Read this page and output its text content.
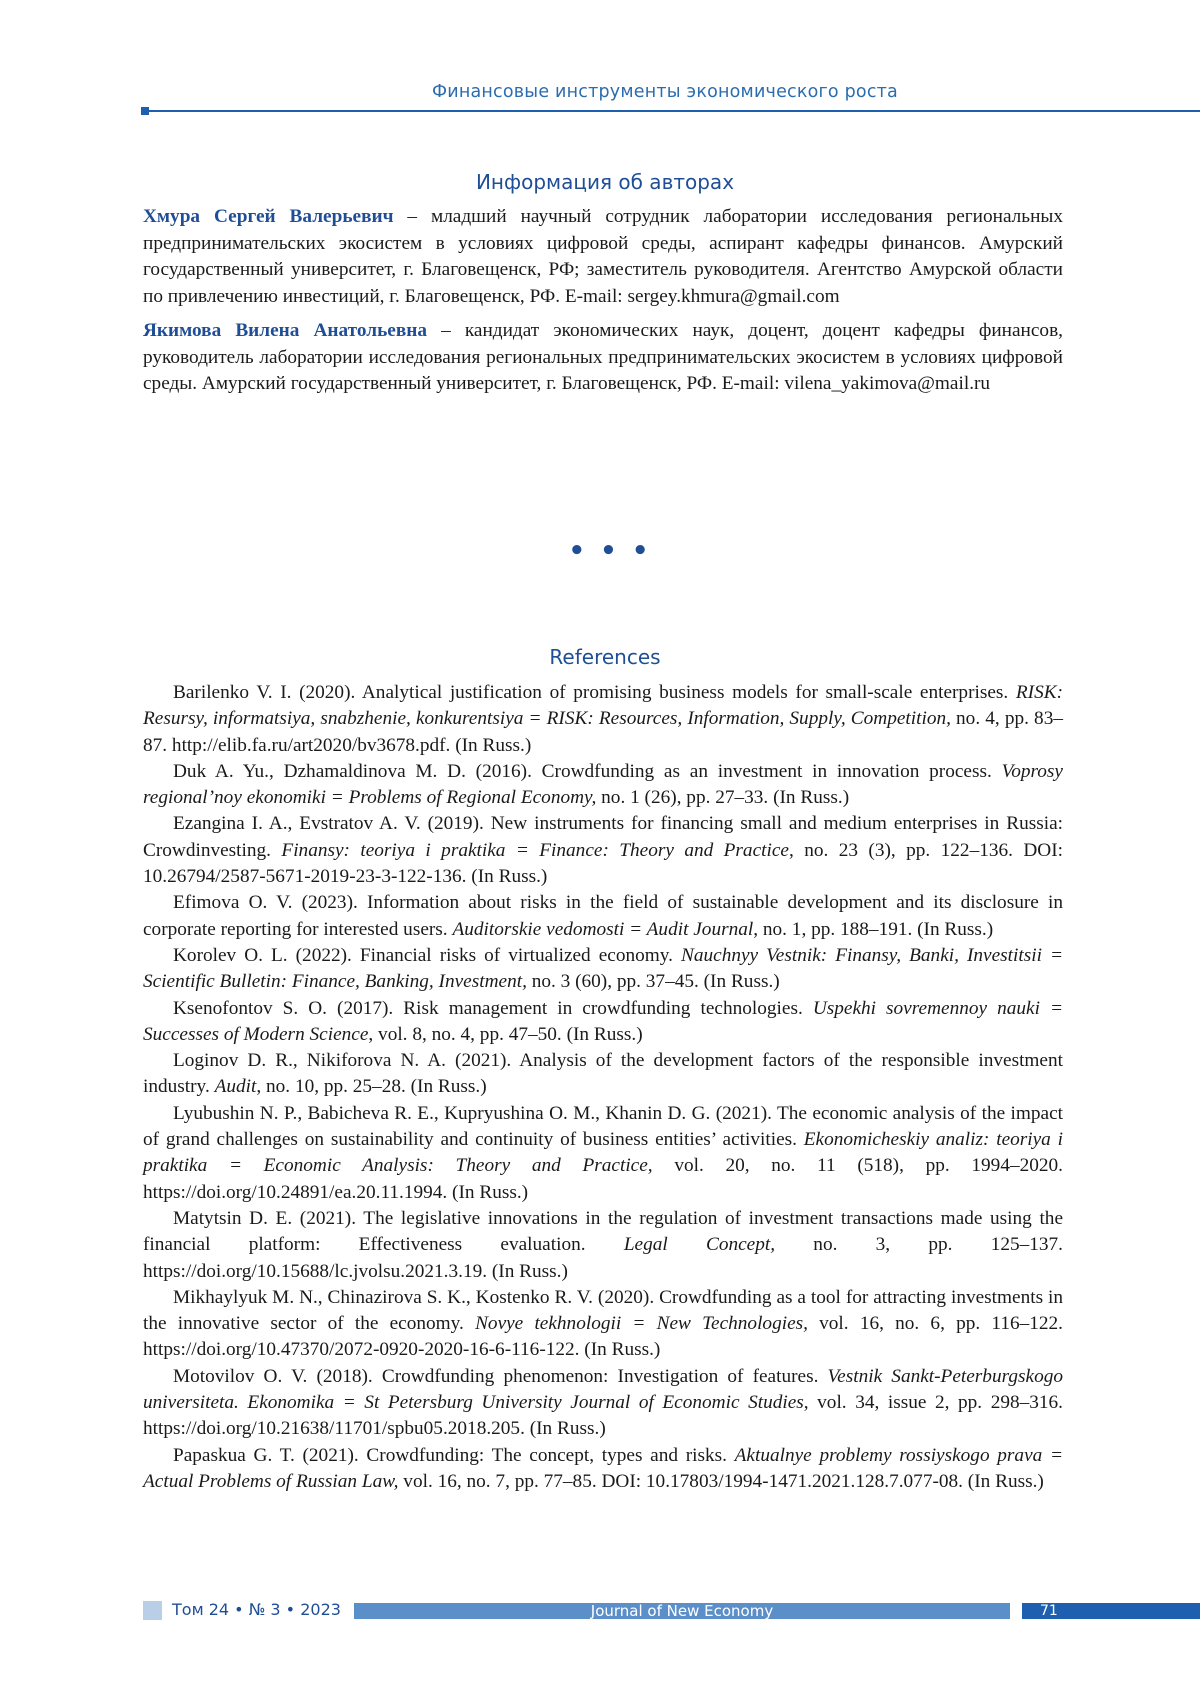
Финансовые инструменты экономического роста
Информация об авторах

Хмура Сергей Валерьевич – младший научный сотрудник лаборатории исследования региональных предпринимательских экосистем в условиях цифровой среды, аспирант кафедры финансов. Амурский государственный университет, г. Благовещенск, РФ; заместитель руководителя. Агентство Амурской области по привлечению инвестиций, г. Благовещенск, РФ. E-mail: sergey.khmura@gmail.com

Якимова Вилена Анатольевна – кандидат экономических наук, доцент, доцент кафедры финансов, руководитель лаборатории исследования региональных предпринимательских экосистем в условиях цифровой среды. Амурский государственный университет, г. Благовещенск, РФ. E-mail: vilena_yakimova@mail.ru

• • •
References

Barilenko V. I. (2020). Analytical justification of promising business models for small-scale enterprises. RISK: Resursy, informatsiya, snabzhenie, konkurentsiya = RISK: Resources, Information, Supply, Competition, no. 4, pp. 83–87. http://elib.fa.ru/art2020/bv3678.pdf. (In Russ.)

Duk A. Yu., Dzhamaldinova M. D. (2016). Crowdfunding as an investment in innovation process. Voprosy regional’noy ekonomiki = Problems of Regional Economy, no. 1 (26), pp. 27–33. (In Russ.)

Ezangina I. A., Evstratov A. V. (2019). New instruments for financing small and medium enterprises in Russia: Crowdinvesting. Finansy: teoriya i praktika = Finance: Theory and Practice, no. 23 (3), pp. 122–136. DOI: 10.26794/2587-5671-2019-23-3-122-136. (In Russ.)

Efimova O. V. (2023). Information about risks in the field of sustainable development and its disclosure in corporate reporting for interested users. Auditorskie vedomosti = Audit Journal, no. 1, pp. 188–191. (In Russ.)

Korolev O. L. (2022). Financial risks of virtualized economy. Nauchnyy Vestnik: Finansy, Banki, Investitsii = Scientific Bulletin: Finance, Banking, Investment, no. 3 (60), pp. 37–45. (In Russ.)

Ksenofontov S. O. (2017). Risk management in crowdfunding technologies. Uspekhi sovremennoy nauki = Successes of Modern Science, vol. 8, no. 4, pp. 47–50. (In Russ.)

Loginov D. R., Nikiforova N. A. (2021). Analysis of the development factors of the responsible investment industry. Audit, no. 10, pp. 25–28. (In Russ.)

Lyubushin N. P., Babicheva R. E., Kupryushina O. M., Khanin D. G. (2021). The economic analysis of the impact of grand challenges on sustainability and continuity of business entities’ activities. Ekonomicheskiy analiz: teoriya i praktika = Economic Analysis: Theory and Practice, vol. 20, no. 11 (518), pp. 1994–2020. https://doi.org/10.24891/ea.20.11.1994. (In Russ.)

Matytsin D. E. (2021). The legislative innovations in the regulation of investment transactions made using the financial platform: Effectiveness evaluation. Legal Concept, no. 3, pp. 125–137. https://doi.org/10.15688/lc.jvolsu.2021.3.19. (In Russ.)

Mikhaylyuk M. N., Chinazirova S. K., Kostenko R. V. (2020). Crowdfunding as a tool for attracting investments in the innovative sector of the economy. Novye tekhnologii = New Technologies, vol. 16, no. 6, pp. 116–122. https://doi.org/10.47370/2072-0920-2020-16-6-116-122. (In Russ.)

Motovilov O. V. (2018). Crowdfunding phenomenon: Investigation of features. Vestnik Sankt-Peterburgskogo universiteta. Ekonomika = St Petersburg University Journal of Economic Studies, vol. 34, issue 2, pp. 298–316. https://doi.org/10.21638/11701/spbu05.2018.205. (In Russ.)

Papaskua G. T. (2021). Crowdfunding: The concept, types and risks. Aktualnye problemy rossiyskogo prava = Actual Problems of Russian Law, vol. 16, no. 7, pp. 77–85. DOI: 10.17803/1994-1471.2021.128.7.077-08. (In Russ.)

Том 24 • № 3 • 2023	Journal of New Economy	71
